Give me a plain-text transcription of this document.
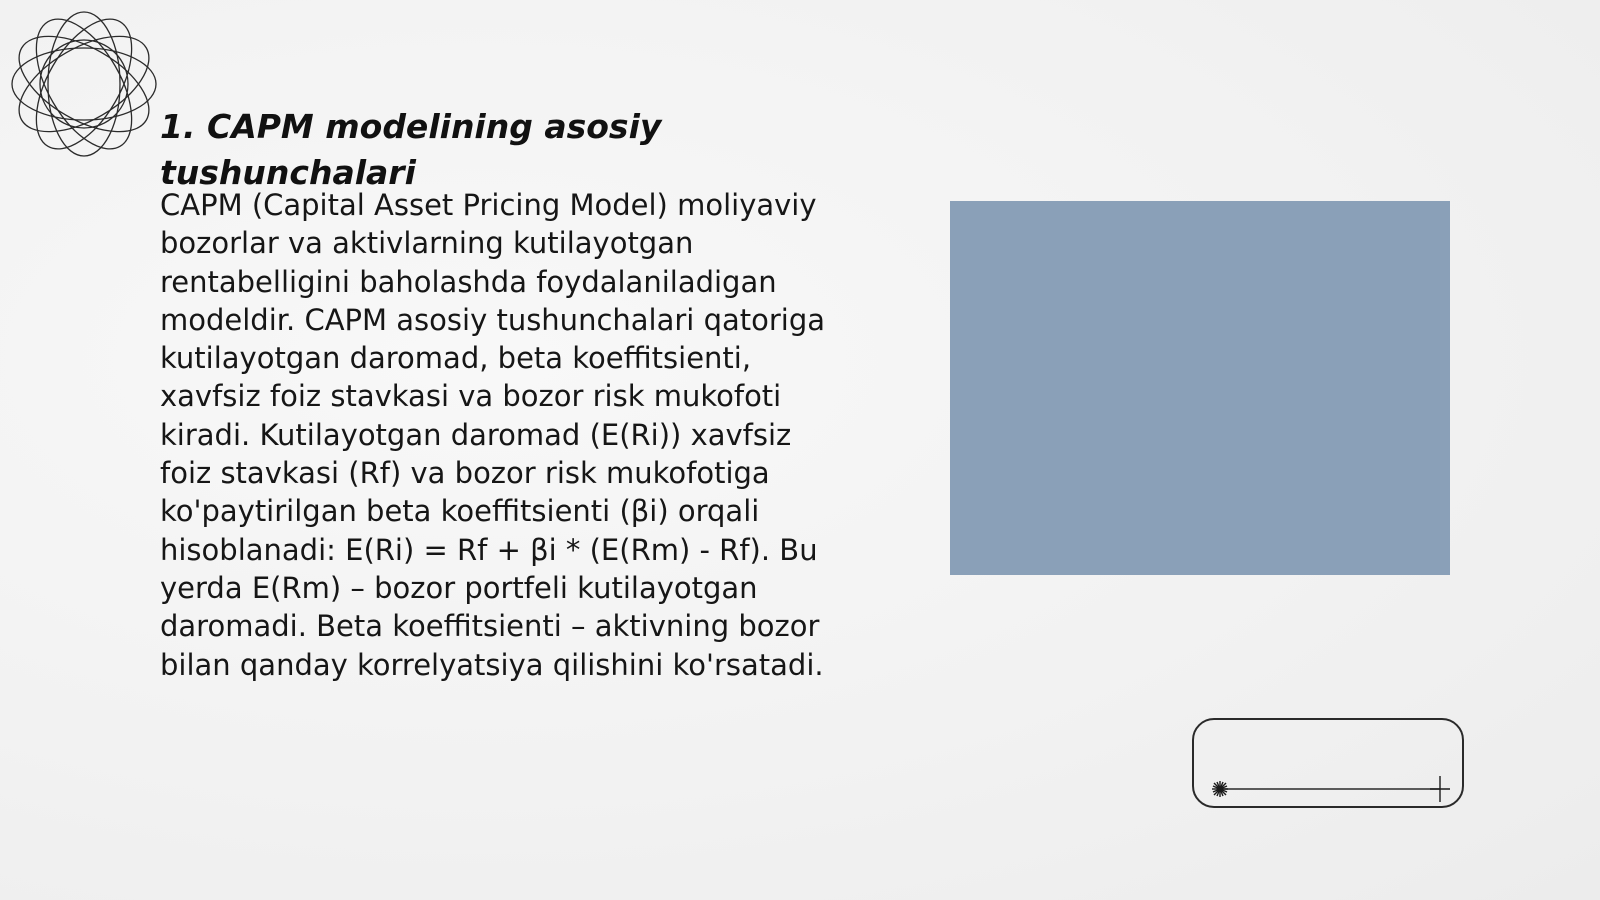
1. CAPM modelining asosiy tushunchalari

CAPM (Capital Asset Pricing Model) moliyaviy bozorlar va aktivlarning kutilayotgan rentabelligini baholashda foydalaniladigan modeldir. CAPM asosiy tushunchalari qatoriga kutilayotgan daromad, beta koeffitsienti, xavfsiz foiz stavkasi va bozor risk mukofoti kiradi. Kutilayotgan daromad (E(Ri)) xavfsiz foiz stavkasi (Rf) va bozor risk mukofotiga ko'paytirilgan beta koeffitsienti (βi) orqali hisoblanadi: E(Ri) = Rf + βi * (E(Rm) - Rf). Bu yerda E(Rm) – bozor portfeli kutilayotgan daromadi. Beta koeffitsienti – aktivning bozor bilan qanday korrelyatsiya qilishini ko'rsatadi.
